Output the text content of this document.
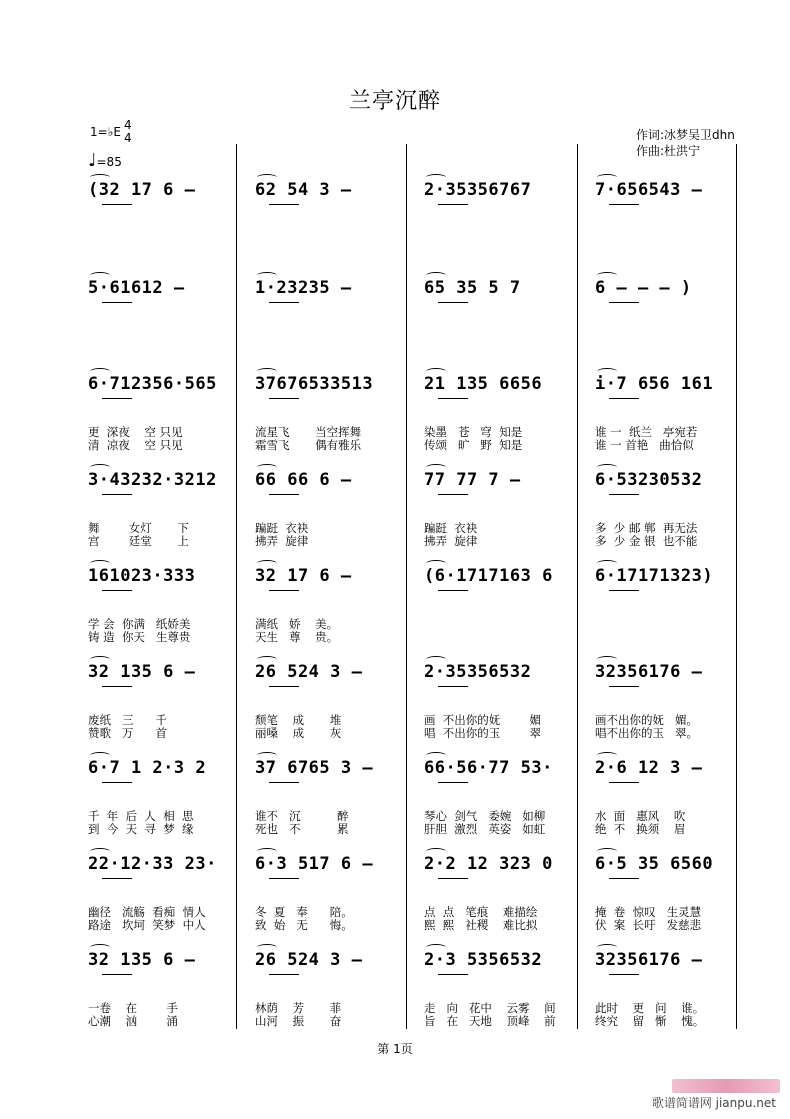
兰亭沉醉
1=♭E 4
4
♩=85
作词:冰梦吴卫dhn
作曲:杜洪宁
(32 17 6 –	62 54 3 –	2·35356767	7·656543 –
5·61612 –	1·23235 –	65 35 5 7	6 – – – )
6·712356·565
更  深夜    空 只见
清  凉夜    空 只见
37676533513
流星飞       当空挥舞
霜雪飞       偶有雅乐
21 135 6656
染墨   苍   穹  知是
传颂   旷   野  知是
i·7 656 161
谁 一  纸兰   亭宛若
谁 一 首艳   曲恰似
3·43232·3212
舞        女灯       下
宫        廷堂       上
66 66 6 –
蹁跹  衣袂
拂弄  旋律
77 77 7 –
蹁跹  衣袂
拂弄  旋律
6·53230532
多  少 邮 郸  再无法
多  少 金 银  也不能
161023·333
学 会  你满   纸娇美
铸 造  你天   生尊贵
32 17 6 –
满纸   娇    美。
天生   尊    贵。
(6·1717163 6 6·17171323)
32 135 6 –
废纸   三      千
赞歌   万      首
26 524 3 –
颓笔    成       堆
丽嗓    成       灰
2·35356532
画  不出你的妩        媚
唱  不出你的玉        翠
32356176 –
画不出你的妩   媚。
唱不出你的玉   翠。
6·7 1 2·3 2
千  年  后  人  相  思
到  今  天  寻  梦  缘
37 6765 3 –
谁不   沉          醉
死也   不          累
66·56·77 53·
琴心  剑气   委婉   如柳
肝胆  激烈   英姿   如虹
2·6 12 3 –
水  面   惠风    吹
绝  不   换须    眉
22·12·33 23·
幽径   流觞  看痴  情人
路途   坎坷  笑梦  中人
6·3 517 6 –
冬  夏   奉      陪。
致  始   无      悔。
2·2 12 323 0
点  点   笔痕    难描绘
熙  熙   社稷    难比拟
6·5 35 6560
掩  卷  惊叹   生灵慧
伏  案  长吁   发慈悲
32 135 6 –
一卷    在        手
心潮    汹        涌
26 524 3 –
林荫    芳       菲
山河    振       奋
2·3 5356532
走   向   花中    云雾    间
旨   在   天地    顶峰    前
32356176 –
此时    更   问    谁。
终究    留   惭    愧。
第 1页
歌谱简谱网 jianpu.net
